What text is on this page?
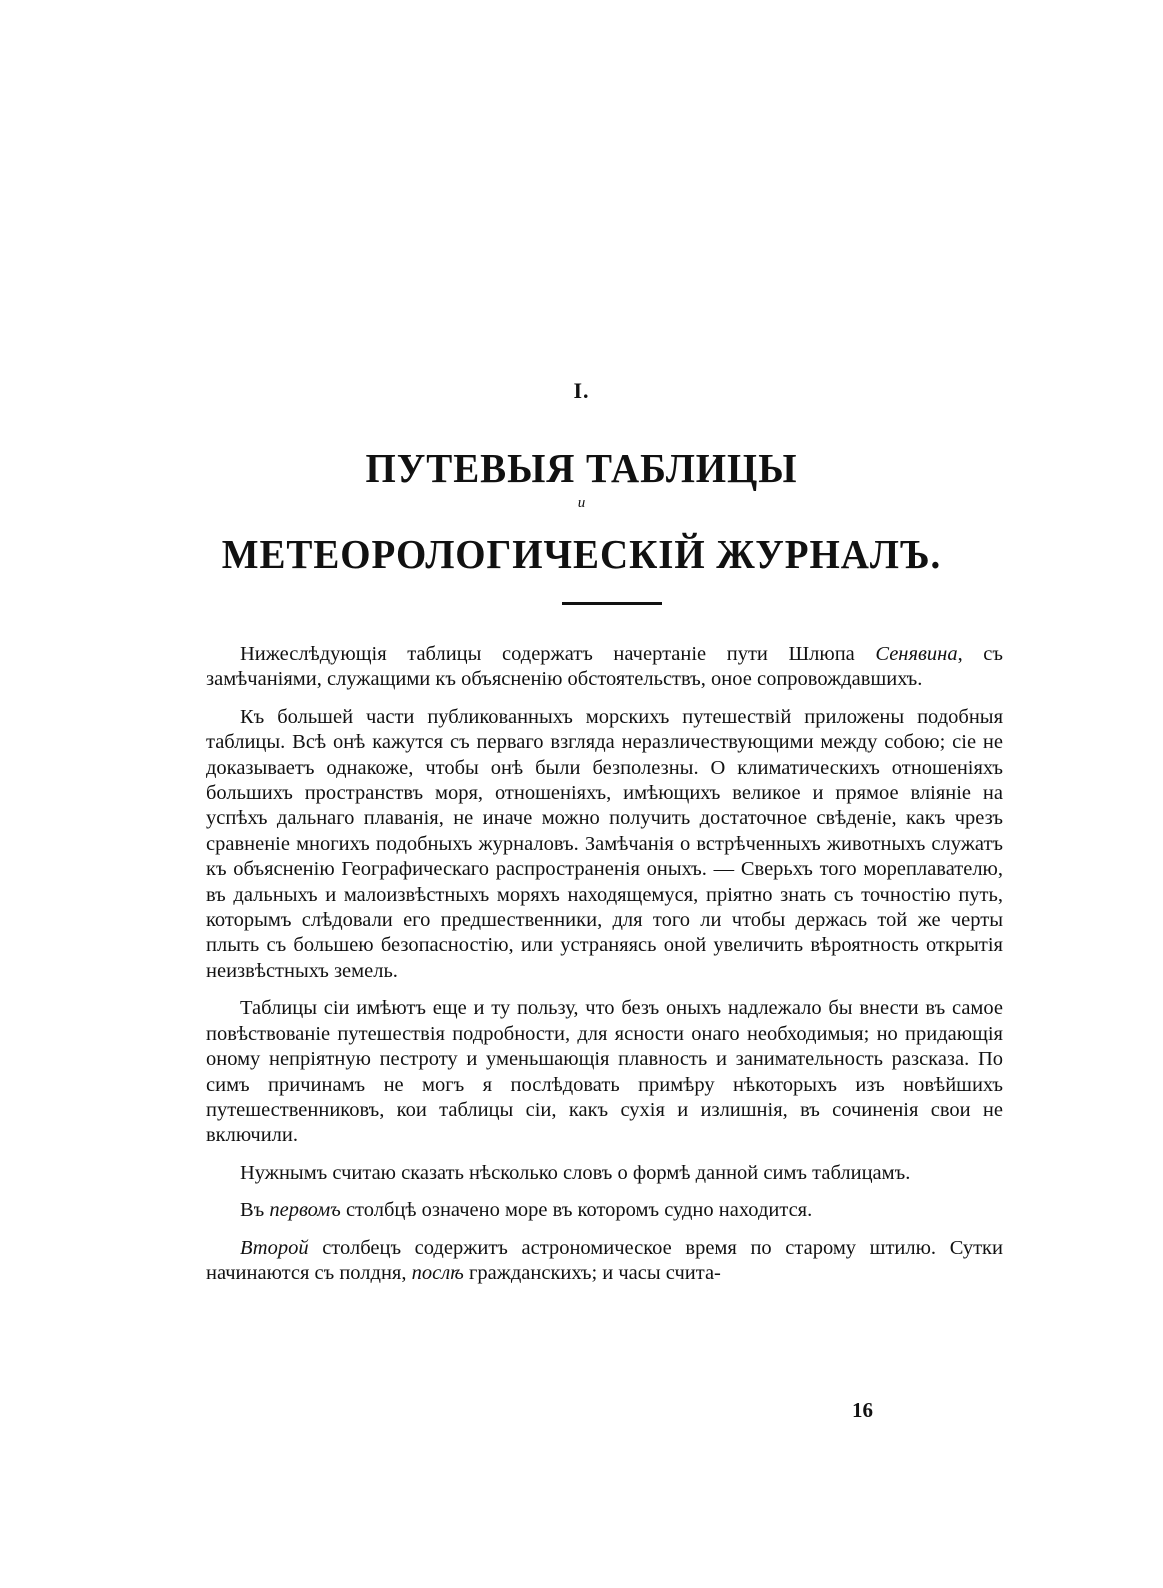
I.
ПУТЕВЫЯ ТАБЛИЦЫ
и
МЕТЕОРОЛОГИЧЕСКІЙ ЖУРНАЛЪ.

Нижеслѣдующія таблицы содержатъ начертаніе пути Шлюпа Сенявина, съ замѣчаніями, служащими къ объясненію обстоятельствъ, оное сопровождавшихъ.

Къ большей части публикованныхъ морскихъ путешествій приложены подобныя таблицы. Всѣ онѣ кажутся съ перваго взгляда неразличествующими между собою; сіе не доказываетъ однакоже, чтобы онѣ были безполезны. О климатическихъ отношеніяхъ большихъ пространствъ моря, отношеніяхъ, имѣющихъ великое и прямое вліяніе на успѣхъ дальнаго плаванія, не иначе можно получить достаточное свѣденіе, какъ чрезъ сравненіе многихъ подобныхъ журналовъ. Замѣчанія о встрѣченныхъ животныхъ служатъ къ объясненію Географическаго распространенія оныхъ. — Сверьхъ того мореплавателю, въ дальныхъ и малоизвѣстныхъ моряхъ находящемуся, пріятно знать съ точностію путь, которымъ слѣдовали его предшественники, для того ли чтобы держась той же черты плыть съ большею безопасностію, или устраняясь оной увеличить вѣроятность открытія неизвѣстныхъ земель.

Таблицы сіи имѣютъ еще и ту пользу, что безъ оныхъ надлежало бы внести въ самое повѣствованіе путешествія подробности, для ясности онаго необходимыя; но придающія оному непріятную пестроту и уменьшающія плавность и занимательность разсказа. По симъ причинамъ не могъ я послѣдовать примѣру нѣкоторыхъ изъ новѣйшихъ путешественниковъ, кои таблицы сіи, какъ сухія и излишнія, въ сочиненія свои не включили.

Нужнымъ считаю сказать нѣсколько словъ о формѣ данной симъ таблицамъ.

Въ первомъ столбцѣ означено море въ которомъ судно находится.

Второй столбецъ содержитъ астрономическое время по старому штилю. Сутки начинаются съ полдня, послѣ гражданскихъ; и часы счита-

16
